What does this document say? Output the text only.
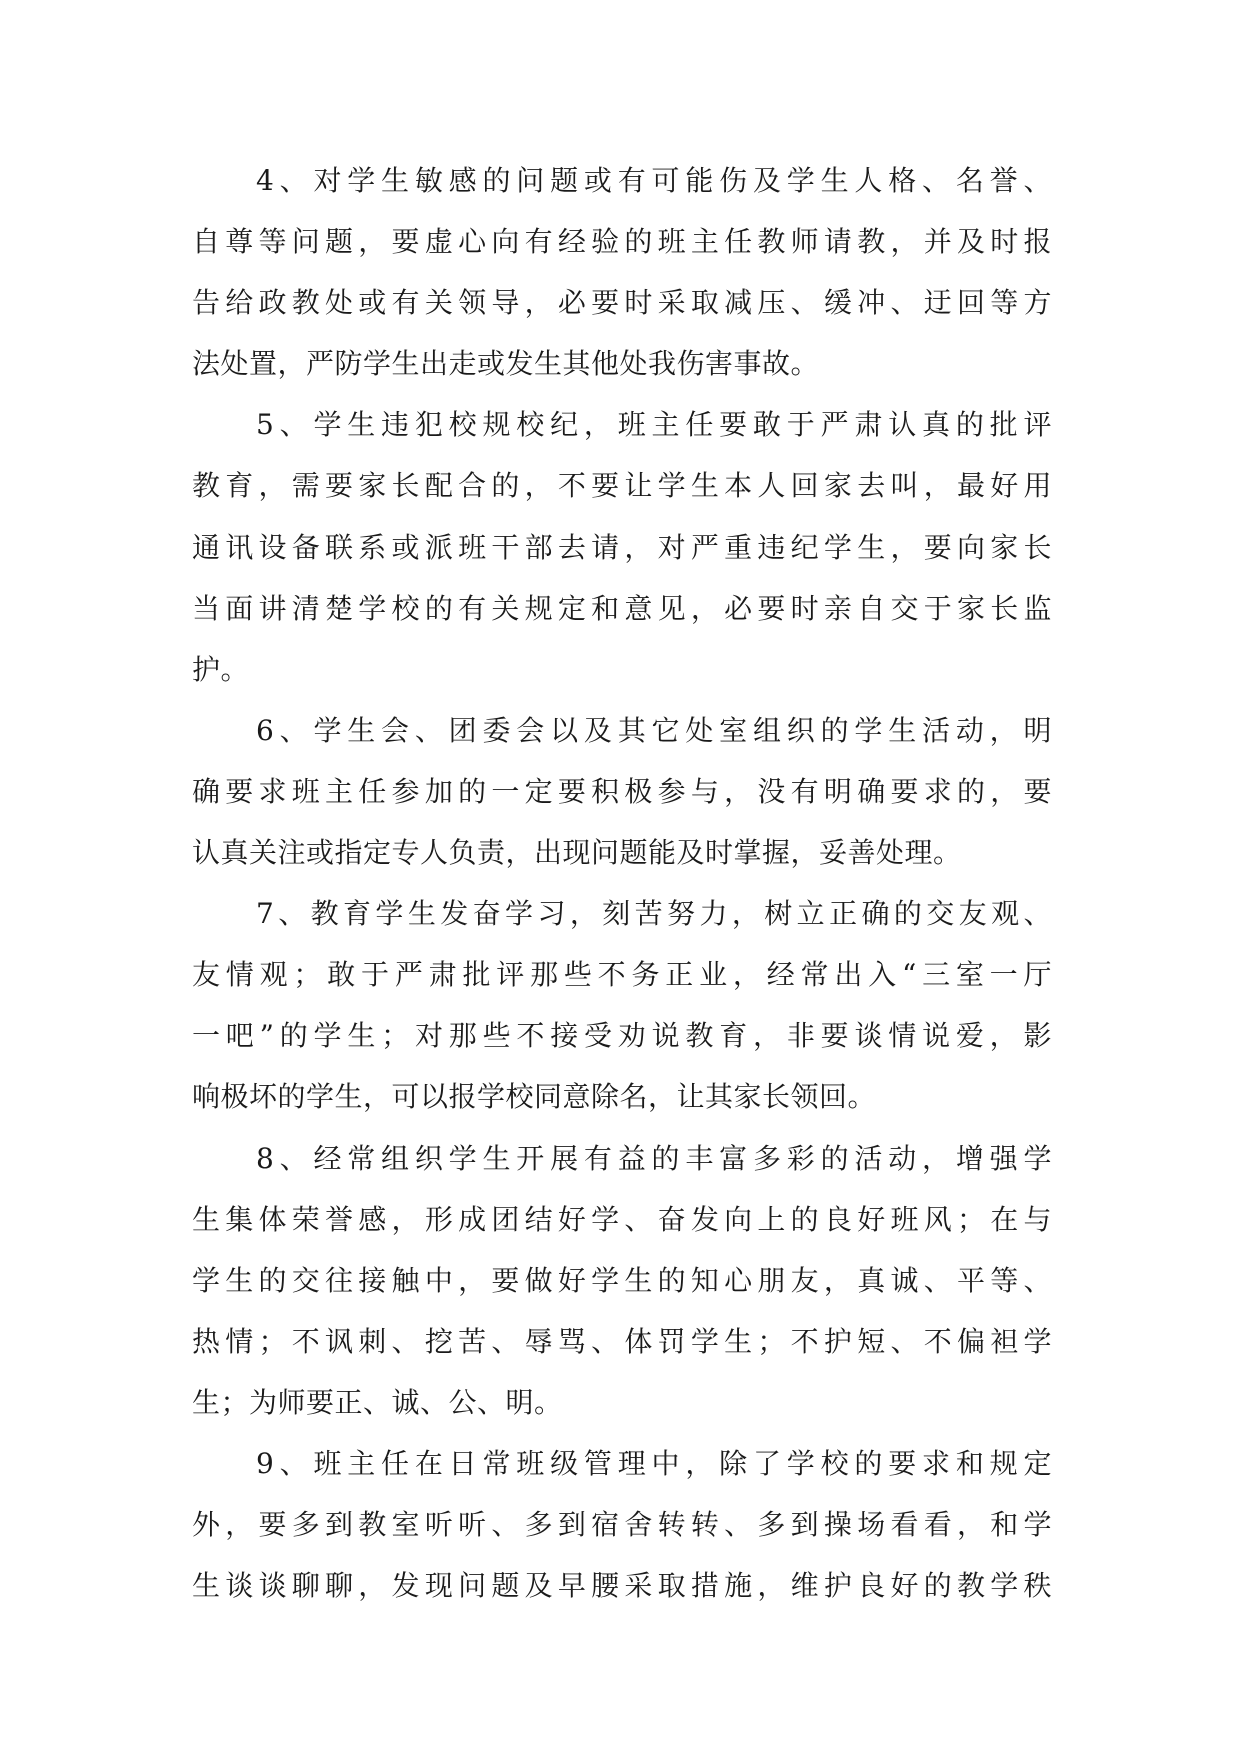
4、对学生敏感的问题或有可能伤及学生人格、名誉、
自尊等问题，要虚心向有经验的班主任教师请教，并及时报
告给政教处或有关领导，必要时采取减压、缓冲、迂回等方
法处置，严防学生出走或发生其他处我伤害事故。
5、学生违犯校规校纪，班主任要敢于严肃认真的批评
教育，需要家长配合的，不要让学生本人回家去叫，最好用
通讯设备联系或派班干部去请，对严重违纪学生，要向家长
当面讲清楚学校的有关规定和意见，必要时亲自交于家长监
护。
6、学生会、团委会以及其它处室组织的学生活动，明
确要求班主任参加的一定要积极参与，没有明确要求的，要
认真关注或指定专人负责，出现问题能及时掌握，妥善处理。
7、教育学生发奋学习，刻苦努力，树立正确的交友观、
友情观；敢于严肃批评那些不务正业，经常出入“三室一厅
一吧”的学生；对那些不接受劝说教育，非要谈情说爱，影
响极坏的学生，可以报学校同意除名，让其家长领回。
8、经常组织学生开展有益的丰富多彩的活动，增强学
生集体荣誉感，形成团结好学、奋发向上的良好班风；在与
学生的交往接触中，要做好学生的知心朋友，真诚、平等、
热情；不讽刺、挖苦、辱骂、体罚学生；不护短、不偏袒学
生；为师要正、诚、公、明。
9、班主任在日常班级管理中，除了学校的要求和规定
外，要多到教室听听、多到宿舍转转、多到操场看看，和学
生谈谈聊聊，发现问题及早腰采取措施，维护良好的教学秩
